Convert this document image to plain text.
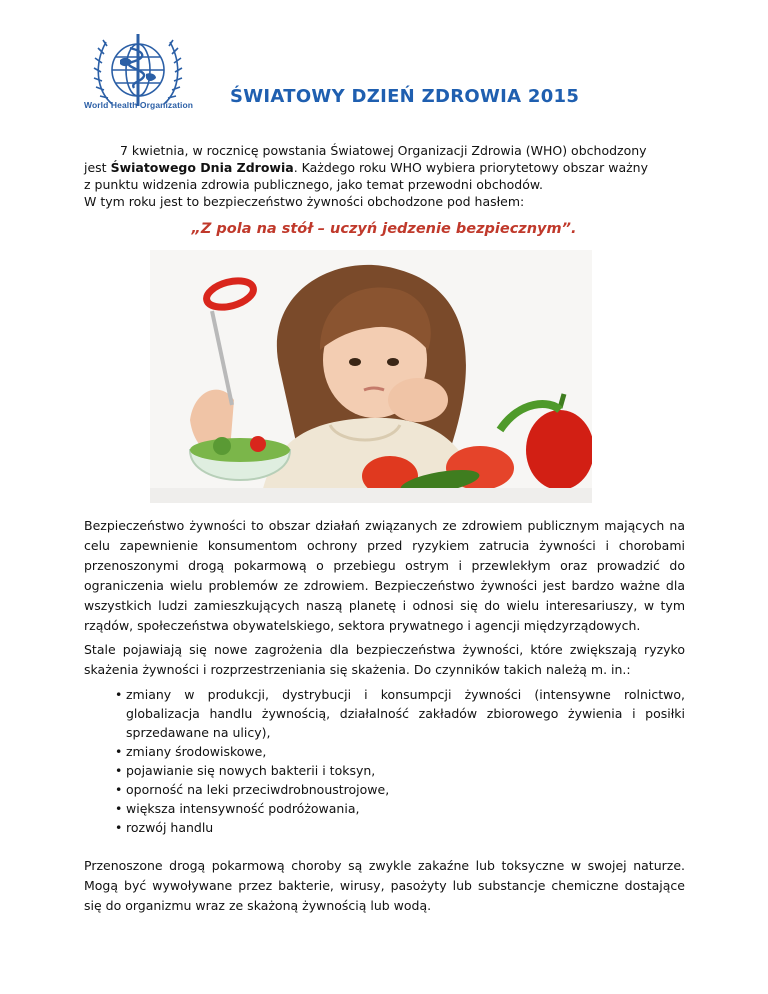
World Health Organization	ŚWIATOWY DZIEŃ ZDROWIA 2015

7 kwietnia, w rocznicę powstania Światowej Organizacji Zdrowia (WHO) obchodzony

jest Światowego Dnia Zdrowia. Każdego roku WHO wybiera priorytetowy obszar ważny

z punktu widzenia zdrowia publicznego, jako temat przewodni obchodów.

W tym roku jest to bezpieczeństwo żywności obchodzone pod hasłem:

„Z pola na stół – uczyń jedzenie bezpiecznym”.
Bezpieczeństwo żywności to obszar działań związanych ze zdrowiem publicznym mających na celu zapewnienie konsumentom ochrony przed ryzykiem zatrucia żywności i chorobami przenoszonymi drogą pokarmową o przebiegu ostrym i przewlekłym oraz prowadzić do ograniczenia wielu problemów ze zdrowiem. Bezpieczeństwo żywności jest bardzo ważne dla wszystkich ludzi zamieszkujących naszą planetę i odnosi się do wielu interesariuszy, w tym rządów, społeczeństwa obywatelskiego, sektora prywatnego i agencji międzyrządowych.
Stale pojawiają się nowe zagrożenia dla bezpieczeństwa żywności, które zwiększają ryzyko skażenia żywności i rozprzestrzeniania się skażenia. Do czynników takich należą m. in.:
•
zmiany w produkcji, dystrybucji i konsumpcji żywności (intensywne rolnictwo, globalizacja handlu żywnością, działalność zakładów zbiorowego żywienia i posiłki sprzedawane na ulicy),
•
zmiany środowiskowe,
•
pojawianie się nowych bakterii i toksyn,
•
oporność na leki przeciwdrobnoustrojowe,
•
większa intensywność podróżowania,
•
rozwój handlu
Przenoszone drogą pokarmową choroby są zwykle zakaźne lub toksyczne w swojej naturze. Mogą być wywoływane przez bakterie, wirusy, pasożyty lub substancje chemiczne dostające się do organizmu wraz ze skażoną żywnością lub wodą.
